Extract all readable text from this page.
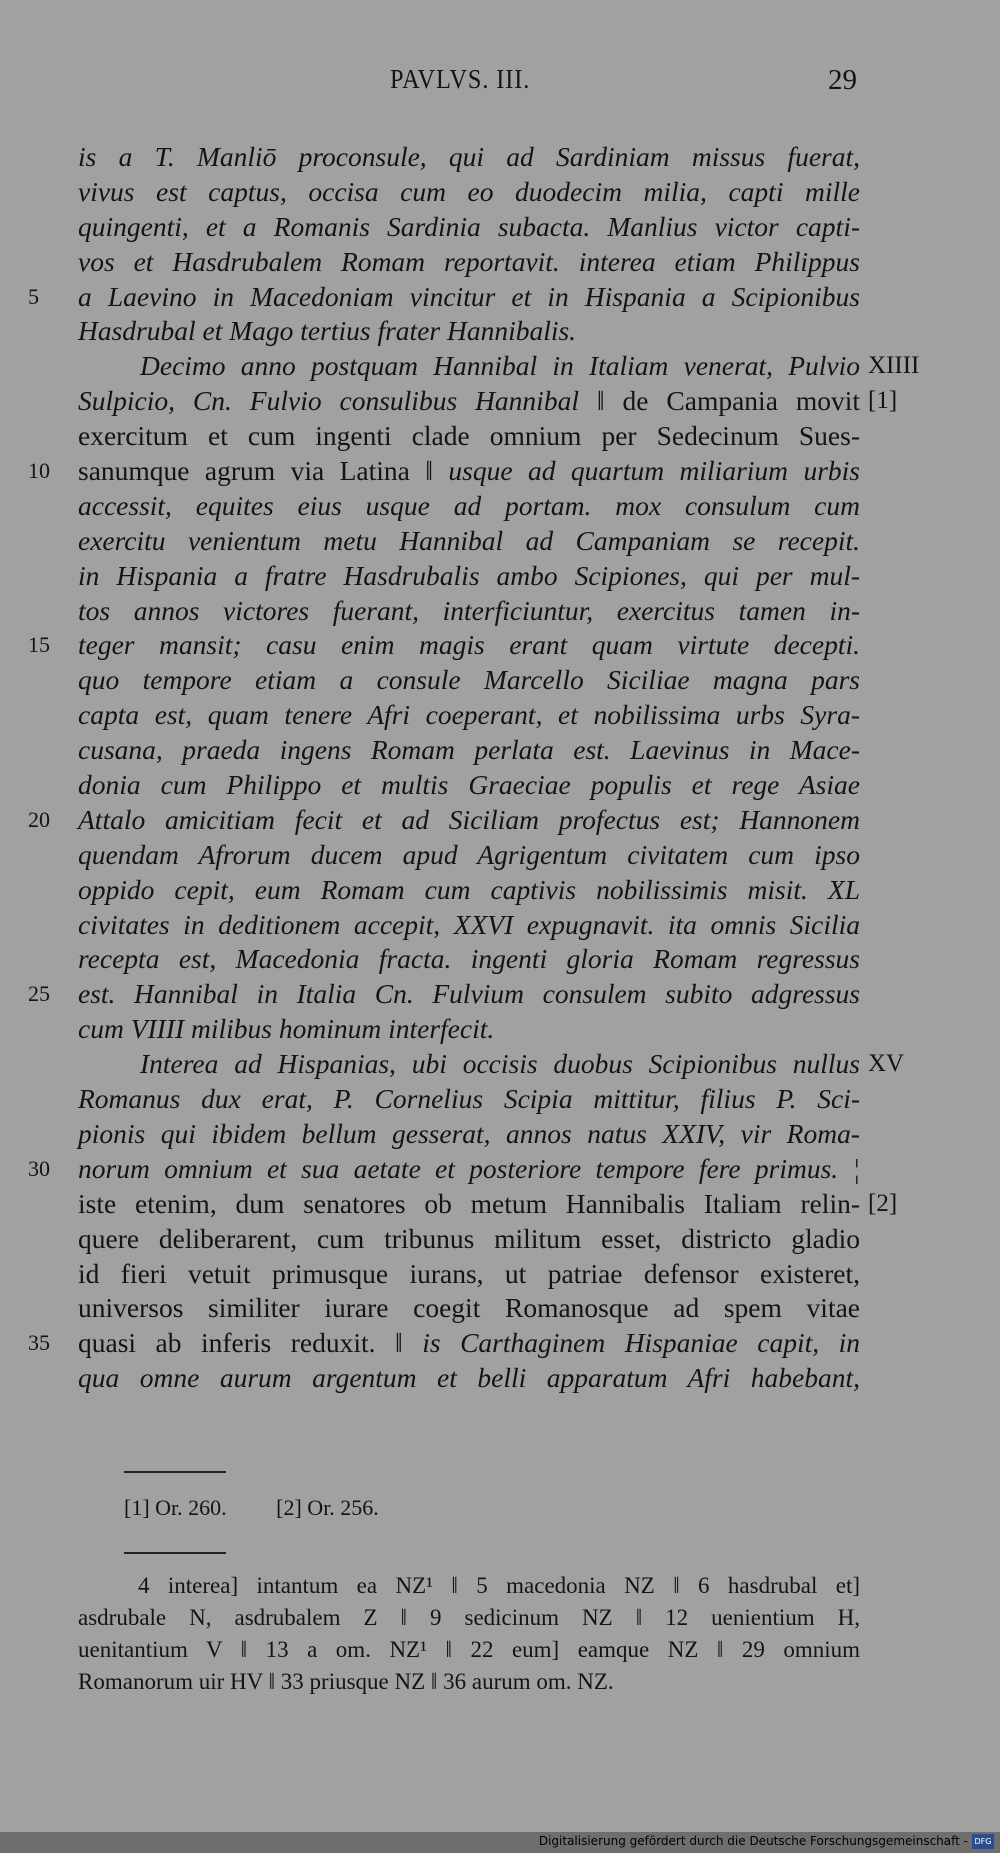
PAVLVS. III.	29
is a T. Manliō proconsule, qui ad Sardiniam missus fuerat,
vivus est captus, occisa cum eo duodecim milia, capti mille
quingenti, et a Romanis Sardinia subacta. Manlius victor capti-
vos et Hasdrubalem Romam reportavit. interea etiam Philippus
5	a Laevino in Macedoniam vincitur et in Hispania a Scipionibus
Hasdrubal et Mago tertius frater Hannibalis.
Decimo anno postquam Hannibal in Italiam venerat, Pulvio XIIII
Sulpicio, Cn. Fulvio consulibus Hannibal ‖ de Campania movit [1]
exercitum et cum ingenti clade omnium per Sedecinum Sues-
10	sanumque agrum via Latina ‖ usque ad quartum miliarium urbis
accessit, equites eius usque ad portam. mox consulum cum
exercitu venientum metu Hannibal ad Campaniam se recepit.
in Hispania a fratre Hasdrubalis ambo Scipiones, qui per mul-
tos annos victores fuerant, interficiuntur, exercitus tamen in-
15	teger mansit; casu enim magis erant quam virtute decepti.
quo tempore etiam a consule Marcello Siciliae magna pars
capta est, quam tenere Afri coeperant, et nobilissima urbs Syra-
cusana, praeda ingens Romam perlata est. Laevinus in Mace-
donia cum Philippo et multis Graeciae populis et rege Asiae
20	Attalo amicitiam fecit et ad Siciliam profectus est; Hannonem
quendam Afrorum ducem apud Agrigentum civitatem cum ipso
oppido cepit, eum Romam cum captivis nobilissimis misit. XL
civitates in deditionem accepit, XXVI expugnavit. ita omnis Sicilia
recepta est, Macedonia fracta. ingenti gloria Romam regressus
25	est. Hannibal in Italia Cn. Fulvium consulem subito adgressus
cum VIIII milibus hominum interfecit.
Interea ad Hispanias, ubi occisis duobus Scipionibus nullus XV
Romanus dux erat, P. Cornelius Scipia mittitur, filius P. Sci-
pionis qui ibidem bellum gesserat, annos natus XXIV, vir Roma-
30	norum omnium et sua aetate et posteriore tempore fere primus. ¦
iste etenim, dum senatores ob metum Hannibalis Italiam relin- [2]
quere deliberarent, cum tribunus militum esset, districto gladio
id fieri vetuit primusque iurans, ut patriae defensor existeret,
universos similiter iurare coegit Romanosque ad spem vitae
35	quasi ab inferis reduxit. ‖ is Carthaginem Hispaniae capit, in
qua omne aurum argentum et belli apparatum Afri habebant,
[1] Or. 260. [2] Or. 256.
4 interea] intantum ea NZ¹ ‖ 5 macedonia NZ ‖ 6 hasdrubal et]
asdrubale N, asdrubalem Z ‖ 9 sedicinum NZ ‖ 12 uenientium H,
uenitantium V ‖ 13 a om. NZ¹ ‖ 22 eum] eamque NZ ‖ 29 omnium
Romanorum uir HV ‖ 33 priusque NZ ‖ 36 aurum om. NZ.
Digitalisierung gefördert durch die Deutsche Forschungsgemeinschaft - DFG
